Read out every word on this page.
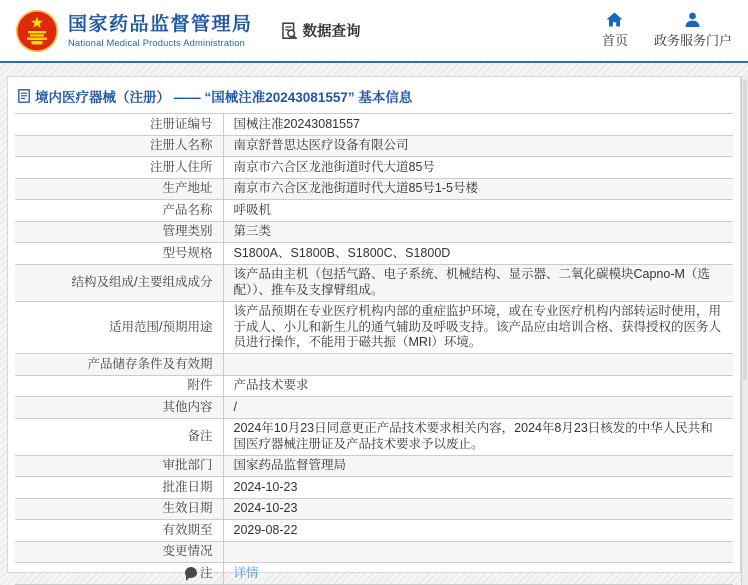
国家药品监督管理局
National Medical Products Administration
数据查询
首页 政务服务门户
境内医疗器械（注册） —— “国械注准20243081557” 基本信息
注册证编号	国械注准20243081557
注册人名称	南京舒普思达医疗设备有限公司
注册人住所	南京市六合区龙池街道时代大道85号
生产地址	南京市六合区龙池街道时代大道85号1-5号楼
产品名称	呼吸机
管理类别	第三类
型号规格	S1800A、S1800B、S1800C、S1800D
结构及组成/主要组成成分	该产品由主机（包括气路、电子系统、机械结构、显示器、二氧化碳模块Capno-M（选配））、推车及支撑臂组成。
适用范围/预期用途	该产品预期在专业医疗机构内部的重症监护环境，或在专业医疗机构内部转运时使用，用于成人、小儿和新生儿的通气辅助及呼吸支持。该产品应由培训合格、获得授权的医务人员进行操作，不能用于磁共振（MRI）环境。
产品储存条件及有效期	
附件	产品技术要求
其他内容	/
备注	2024年10月23日同意更正产品技术要求相关内容，2024年8月23日核发的中华人民共和国医疗器械注册证及产品技术要求予以废止。
审批部门	国家药品监督管理局
批准日期	2024-10-23
生效日期	2024-10-23
有效期至	2029-08-22
变更情况	
注	详情
